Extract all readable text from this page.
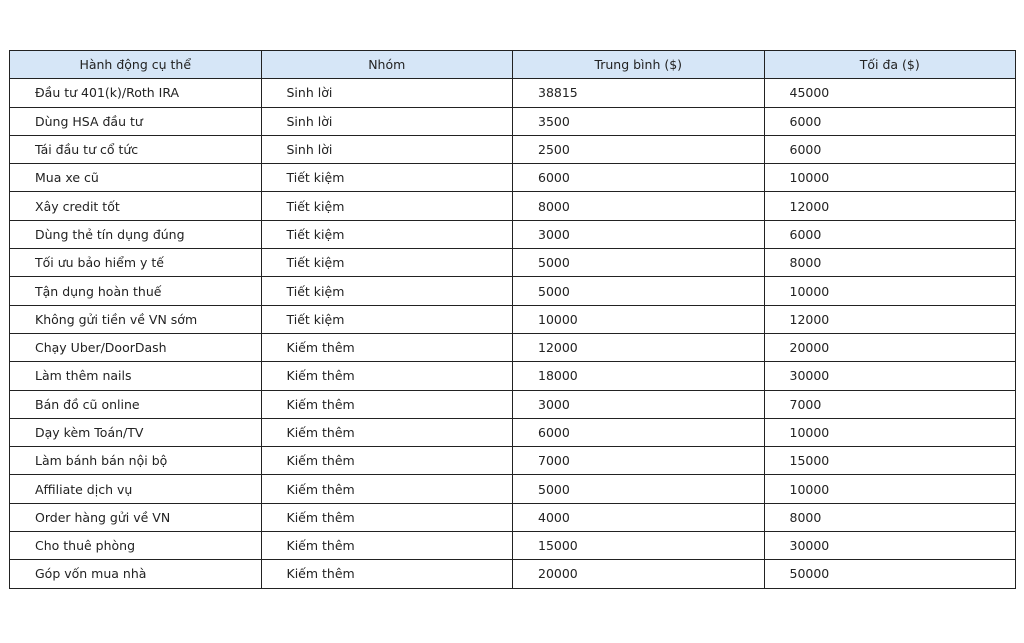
Hành động cụ thể	Nhóm	Trung bình ($)	Tối đa ($)
Đầu tư 401(k)/Roth IRA	Sinh lời	38815	45000
Dùng HSA đầu tư	Sinh lời	3500	6000
Tái đầu tư cổ tức	Sinh lời	2500	6000
Mua xe cũ	Tiết kiệm	6000	10000
Xây credit tốt	Tiết kiệm	8000	12000
Dùng thẻ tín dụng đúng	Tiết kiệm	3000	6000
Tối ưu bảo hiểm y tế	Tiết kiệm	5000	8000
Tận dụng hoàn thuế	Tiết kiệm	5000	10000
Không gửi tiền về VN sớm	Tiết kiệm	10000	12000
Chạy Uber/DoorDash	Kiếm thêm	12000	20000
Làm thêm nails	Kiếm thêm	18000	30000
Bán đồ cũ online	Kiếm thêm	3000	7000
Dạy kèm Toán/TV	Kiếm thêm	6000	10000
Làm bánh bán nội bộ	Kiếm thêm	7000	15000
Affiliate dịch vụ	Kiếm thêm	5000	10000
Order hàng gửi về VN	Kiếm thêm	4000	8000
Cho thuê phòng	Kiếm thêm	15000	30000
Góp vốn mua nhà	Kiếm thêm	20000	50000
